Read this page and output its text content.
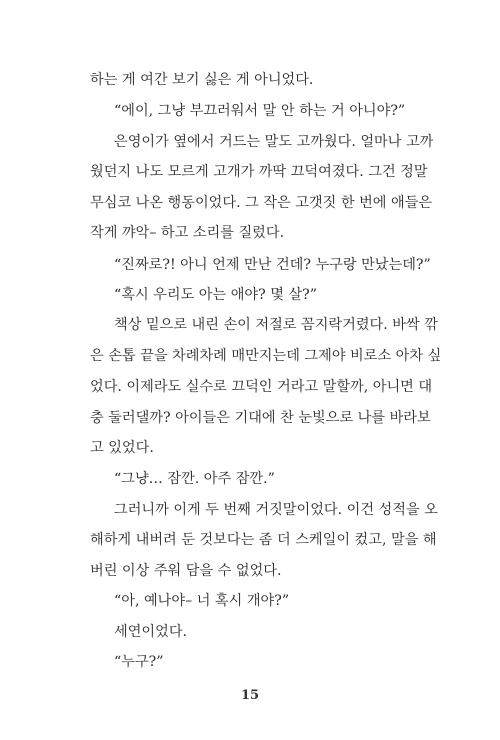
하는 게 여간 보기 싫은 게 아니었다.
“에이, 그냥 부끄러워서 말 안 하는 거 아니야?”
은영이가 옆에서 거드는 말도 고까웠다. 얼마나 고까
웠던지 나도 모르게 고개가 까딱 끄덕여졌다. 그건 정말
무심코 나온 행동이었다. 그 작은 고갯짓 한 번에 애들은
작게 꺄악– 하고 소리를 질렀다.
“진짜로?! 아니 언제 만난 건데? 누구랑 만났는데?”
“혹시 우리도 아는 애야? 몇 살?”
책상 밑으로 내린 손이 저절로 꼼지락거렸다. 바싹 깎
은 손톱 끝을 차례차례 매만지는데 그제야 비로소 아차 싶
었다. 이제라도 실수로 끄덕인 거라고 말할까, 아니면 대
충 둘러댈까? 아이들은 기대에 찬 눈빛으로 나를 바라보
고 있었다.
“그냥… 잠깐. 아주 잠깐.”
그러니까 이게 두 번째 거짓말이었다. 이건 성적을 오
해하게 내버려 둔 것보다는 좀 더 스케일이 컸고, 말을 해
버린 이상 주워 담을 수 없었다.
“아, 예나야– 너 혹시 개야?”
세연이었다.
“누구?”
15
